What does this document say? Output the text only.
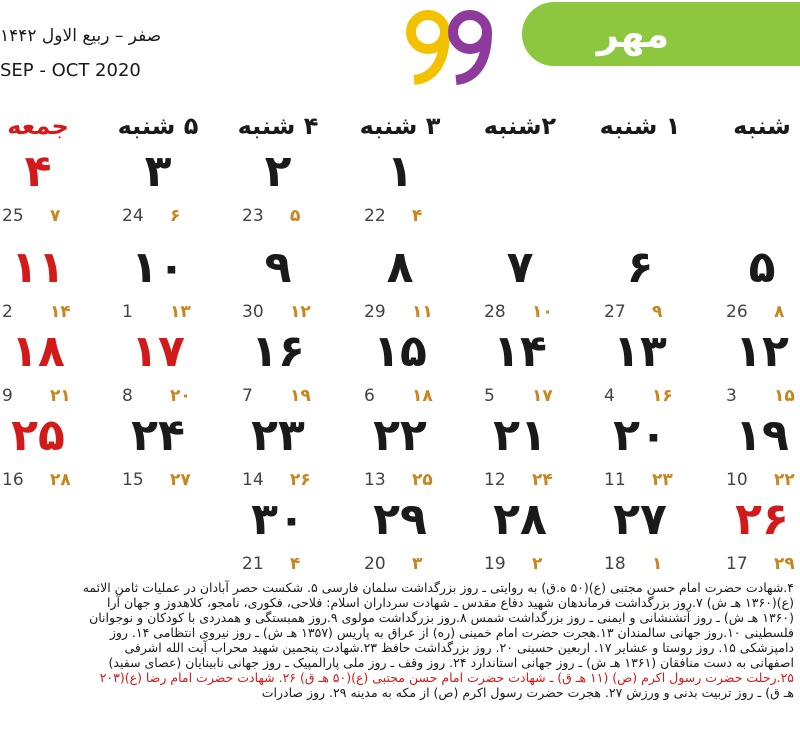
صفر – ربیع الاول ۱۴۴۲
SEP - OCT 2020
مهر
شنبه
۱ شنبه
۲شنبه
۳ شنبه
۴ شنبه
۵ شنبه
جمعه
۱
22 ۴
۲
23 ۵
۳
24 ۶
۴
25 ۷
۵
26 ۸
۶
27 ۹
۷
28 ۱۰
۸
29 ۱۱
۹
30 ۱۲
۱۰
1 ۱۳
۱۱
2 ۱۴
۱۲
3 ۱۵
۱۳
4 ۱۶
۱۴
5 ۱۷
۱۵
6 ۱۸
۱۶
7 ۱۹
۱۷
8 ۲۰
۱۸
9 ۲۱
۱۹
10 ۲۲
۲۰
11 ۲۳
۲۱
12 ۲۴
۲۲
13 ۲۵
۲۳
14 ۲۶
۲۴
15 ۲۷
۲۵
16 ۲۸
۲۶
17 ۲۹
۲۷
18 ۱
۲۸
19 ۲
۲۹
20 ۳
۳۰
21 ۴
۴.شهادت حضرت امام حسن مجتبی (ع)(۵۰ ه.ق) به روایتی ـ روز بزرگداشت سلمان فارسی ۵. شکست حصر آبادان در عملیات ثامن الائمه
(ع)(۱۳۶۰ هـ ش) ۷.روز بزرگداشت فرماندهان شهید دفاع مقدس ـ شهادت سرداران اسلام: فلاحی، فکوری، نامجو، کلاهدوز و جهان آرا
(۱۳۶۰ هـ ش) ـ روز آتشنشانی و ایمنی ـ روز بزرگداشت شمس ۸.روز بزرگداشت مولوی ۹.روز همبستگی و همدردی با کودکان و نوجوانان
فلسطینی ۱۰.روز جهانی سالمندان ۱۳.هجرت حضرت امام خمینی (ره) از عراق به پاریس (۱۳۵۷ هـ ش) ـ روز نیروی انتظامی ۱۴. روز
دامپزشکی ۱۵. روز روستا و عشایر ۱۷. اربعین حسینی ۲۰. روز بزرگداشت حافظ ۲۳.شهادت پنجمین شهید محراب آیت الله اشرفی
اصفهانی به دست منافقان (۱۳۶۱ هـ ش) ـ روز جهانی استاندارد ۲۴. روز وقف ـ روز ملی پارالمپیک ـ روز جهانی نابینایان (عصای سفید)
۲۵.رحلت حضرت رسول اکرم (ص) (۱۱ هـ ق) ـ شهادت حضرت امام حسن مجتبی (ع)(۵۰ هـ ق) ۲۶. شهادت حضرت امام رضا (ع)(۲۰۳
هـ ق) ـ روز تربیت بدنی و ورزش ۲۷. هجرت حضرت رسول اکرم (ص) از مکه به مدینه ۲۹. روز صادرات
